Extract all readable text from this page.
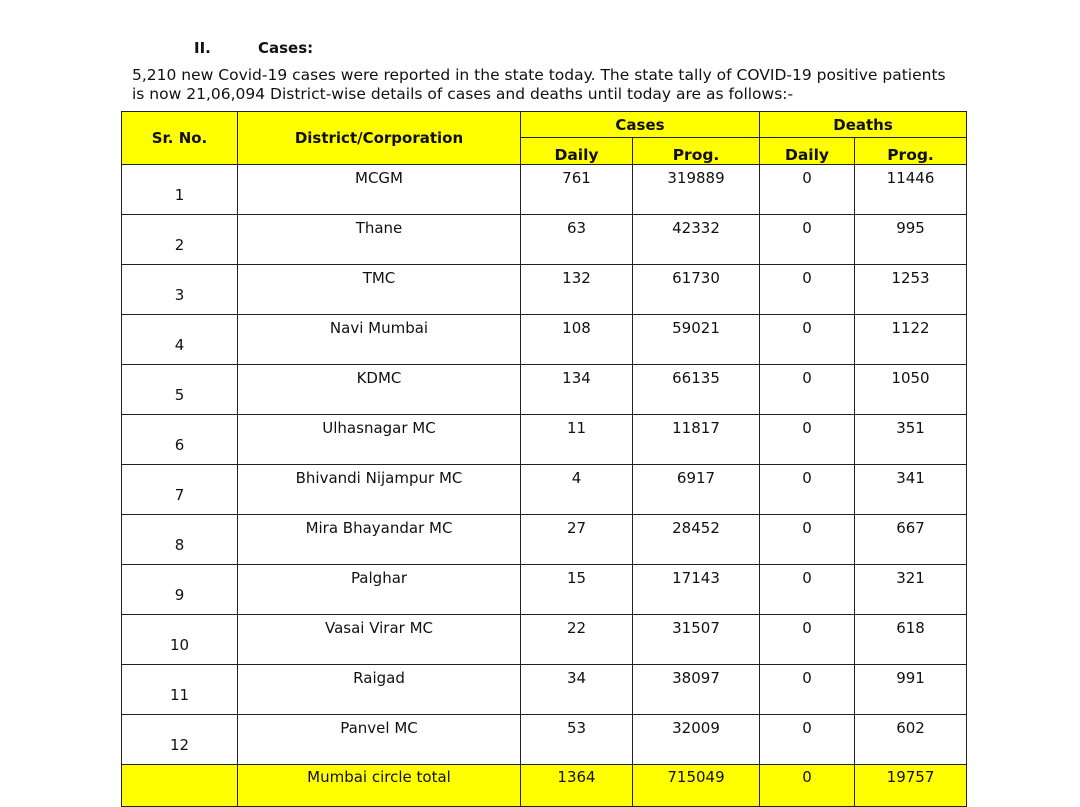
II.	Cases:

5,210 new Covid-19 cases were reported in the state today. The state tally of COVID-19 positive patients

is now 21,06,094 District-wise details of cases and deaths until today are as follows:-

Sr. No.	District/Corporation	Cases		Deaths	
		Daily	Prog.	Daily	Prog.
1	MCGM	761	319889	0	11446
2	Thane	63	42332	0	995
3	TMC	132	61730	0	1253
4	Navi Mumbai	108	59021	0	1122
5	KDMC	134	66135	0	1050
6	Ulhasnagar MC	11	11817	0	351
7	Bhivandi Nijampur MC	4	6917	0	341
8	Mira Bhayandar MC	27	28452	0	667
9	Palghar	15	17143	0	321
10	Vasai Virar MC	22	31507	0	618
11	Raigad	34	38097	0	991
12	Panvel MC	53	32009	0	602
	Mumbai circle total	1364	715049	0	19757
